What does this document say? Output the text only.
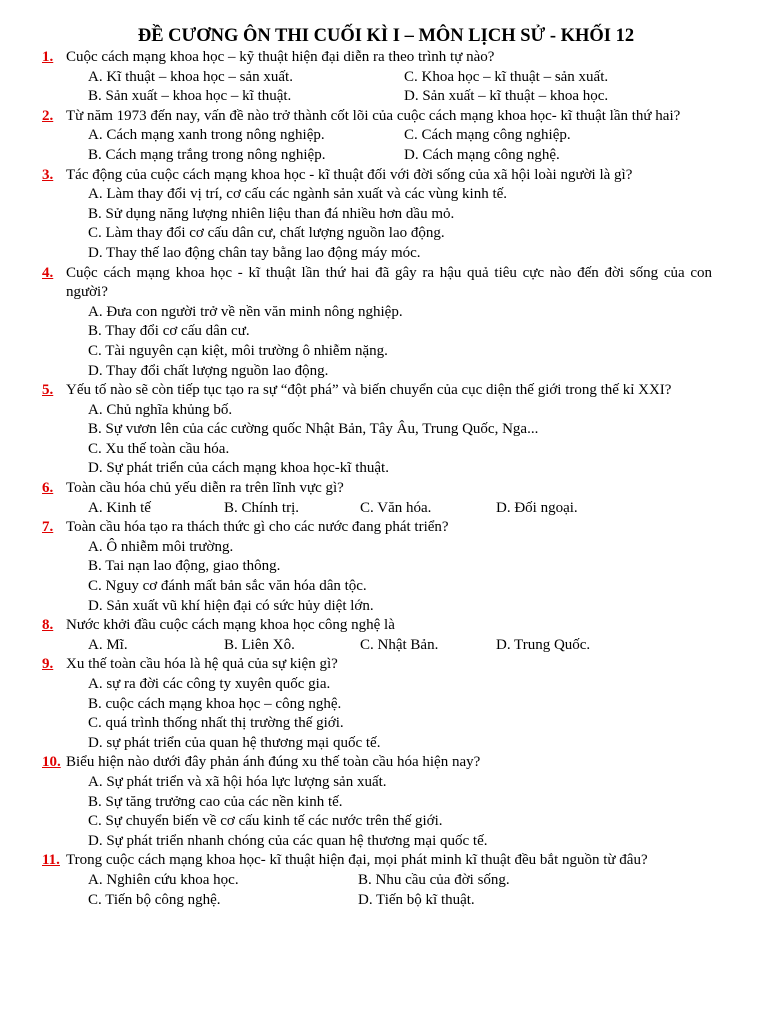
ĐỀ CƯƠNG ÔN THI CUỐI KÌ I – MÔN LỊCH SỬ - KHỐI 12
1. Cuộc cách mạng khoa học – kỹ thuật hiện đại diễn ra theo trình tự nào?
A. Kĩ thuật – khoa học – sản xuất.	C. Khoa học – kĩ thuật – sản xuất.
B. Sản xuất – khoa học – kĩ thuật.	D. Sản xuất – kĩ thuật – khoa học.
2. Từ năm 1973 đến nay, vấn đề nào trở thành cốt lõi của cuộc cách mạng khoa học- kĩ thuật lần thứ hai?
A. Cách mạng xanh trong nông nghiệp.	C. Cách mạng công nghiệp.
B. Cách mạng trắng trong nông nghiệp.	D. Cách mạng công nghệ.
3. Tác động của cuộc cách mạng khoa học - kĩ thuật đối với đời sống của xã hội loài người là gì?
A. Làm thay đổi vị trí, cơ cấu các ngành sản xuất và các vùng kinh tế.
B. Sử dụng năng lượng nhiên liệu than đá nhiều hơn dầu mỏ.
C. Làm thay đổi cơ cấu dân cư, chất lượng nguồn lao động.
D. Thay thế lao động chân tay bằng lao động máy móc.
4. Cuộc cách mạng khoa học - kĩ thuật lần thứ hai đã gây ra hậu quả tiêu cực nào đến đời sống của con người?
A. Đưa con người trở về nền văn minh nông nghiệp.
B. Thay đổi cơ cấu dân cư.
C. Tài nguyên cạn kiệt, môi trường ô nhiễm nặng.
D. Thay đổi chất lượng nguồn lao động.
5. Yếu tố nào sẽ còn tiếp tục tạo ra sự “đột phá” và biến chuyển của cục diện thế giới trong thế kỉ XXI?
A. Chủ nghĩa khủng bố.
B. Sự vươn lên của các cường quốc Nhật Bản, Tây Âu, Trung Quốc, Nga...
C. Xu thế toàn cầu hóa.
D. Sự phát triển của cách mạng khoa học-kĩ thuật.
6. Toàn cầu hóa chủ yếu diễn ra trên lĩnh vực gì?
A. Kinh tế	B. Chính trị.	C. Văn hóa.	D. Đối ngoại.
7. Toàn cầu hóa tạo ra thách thức gì cho các nước đang phát triển?
A. Ô nhiễm môi trường.
B. Tai nạn lao động, giao thông.
C. Nguy cơ đánh mất bản sắc văn hóa dân tộc.
D. Sản xuất vũ khí hiện đại có sức hủy diệt lớn.
8. Nước khởi đầu cuộc cách mạng khoa học công nghệ là
A. Mĩ.	B. Liên Xô.	C. Nhật Bản.	D. Trung Quốc.
9. Xu thế toàn cầu hóa là hệ quả của sự kiện gì?
A. sự ra đời các công ty xuyên quốc gia.
B. cuộc cách mạng khoa học – công nghệ.
C. quá trình thống nhất thị trường thế giới.
D. sự phát triển của quan hệ thương mại quốc tế.
10. Biểu hiện nào dưới đây phản ánh đúng xu thế toàn cầu hóa hiện nay?
A. Sự phát triển và xã hội hóa lực lượng sản xuất.
B. Sự tăng trưởng cao của các nền kinh tế.
C. Sự chuyển biến về cơ cấu kinh tế các nước trên thế giới.
D. Sự phát triển nhanh chóng của các quan hệ thương mại quốc tế.
11. Trong cuộc cách mạng khoa học- kĩ thuật hiện đại, mọi phát minh kĩ thuật đều bắt nguồn từ đâu?
A. Nghiên cứu khoa học.	B. Nhu cầu của đời sống.
C. Tiến bộ công nghệ.	D. Tiến bộ kĩ thuật.
